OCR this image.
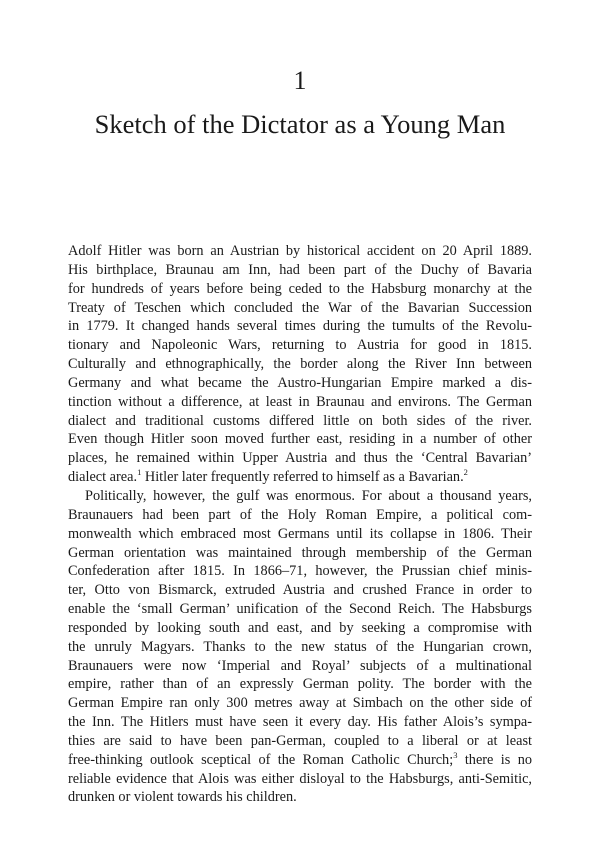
1
Sketch of the Dictator as a Young Man
Adolf Hitler was born an Austrian by historical accident on 20 April 1889.
His birthplace, Braunau am Inn, had been part of the Duchy of Bavaria
for hundreds of years before being ceded to the Habsburg monarchy at the
Treaty of Teschen which concluded the War of the Bavarian Succession
in 1779. It changed hands several times during the tumults of the Revolu-
tionary and Napoleonic Wars, returning to Austria for good in 1815.
Culturally and ethnographically, the border along the River Inn between
Germany and what became the Austro-Hungarian Empire marked a dis-
tinction without a difference, at least in Braunau and environs. The German
dialect and traditional customs differed little on both sides of the river.
Even though Hitler soon moved further east, residing in a number of other
places, he remained within Upper Austria and thus the ‘Central Bavarian’
dialect area.$^1$ Hitler later frequently referred to himself as a Bavarian.$^2$
Politically, however, the gulf was enormous. For about a thousand years,
Braunauers had been part of the Holy Roman Empire, a political com-
monwealth which embraced most Germans until its collapse in 1806. Their
German orientation was maintained through membership of the German
Confederation after 1815. In 1866–71, however, the Prussian chief minis-
ter, Otto von Bismarck, extruded Austria and crushed France in order to
enable the ‘small German’ unification of the Second Reich. The Habsburgs
responded by looking south and east, and by seeking a compromise with
the unruly Magyars. Thanks to the new status of the Hungarian crown,
Braunauers were now ‘Imperial and Royal’ subjects of a multinational
empire, rather than of an expressly German polity. The border with the
German Empire ran only 300 metres away at Simbach on the other side of
the Inn. The Hitlers must have seen it every day. His father Alois’s sympa-
thies are said to have been pan-German, coupled to a liberal or at least
free-thinking outlook sceptical of the Roman Catholic Church;$^3$ there is no
reliable evidence that Alois was either disloyal to the Habsburgs, anti-Semitic,
drunken or violent towards his children.
